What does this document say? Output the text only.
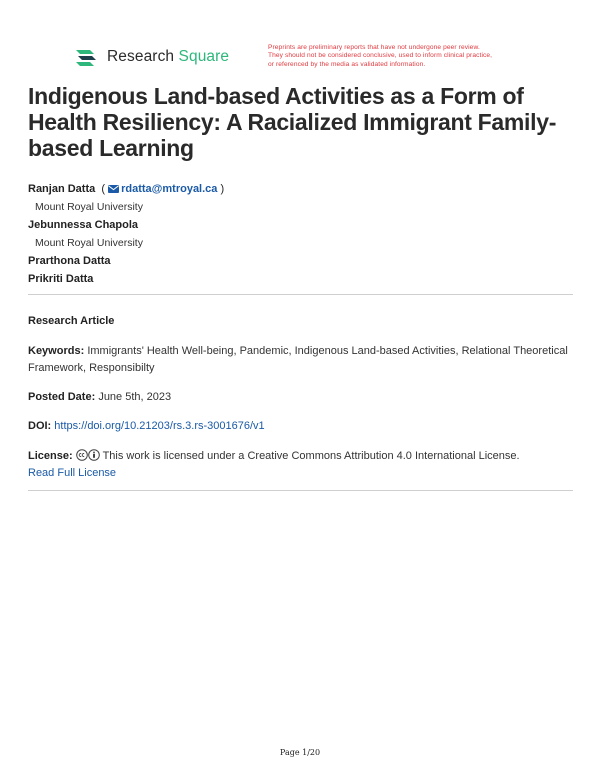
Research Square
Preprints are preliminary reports that have not undergone peer review.
They should not be considered conclusive, used to inform clinical practice,
or referenced by the media as validated information.
Indigenous Land-based Activities as a Form of Health Resiliency: A Racialized Immigrant Family-based Learning
Ranjan Datta  ( rdatta@mtroyal.ca )
Mount Royal University
Jebunnessa Chapola
Mount Royal University
Prarthona Datta
Prikriti Datta
Research Article
Keywords: Immigrants' Health Well-being, Pandemic, Indigenous Land-based Activities, Relational Theoretical Framework, Responsibilty
Posted Date: June 5th, 2023
DOI: https://doi.org/10.21203/rs.3.rs-3001676/v1
License:	This work is licensed under a Creative Commons Attribution 4.0 International License.
Read Full License
Page 1/20
